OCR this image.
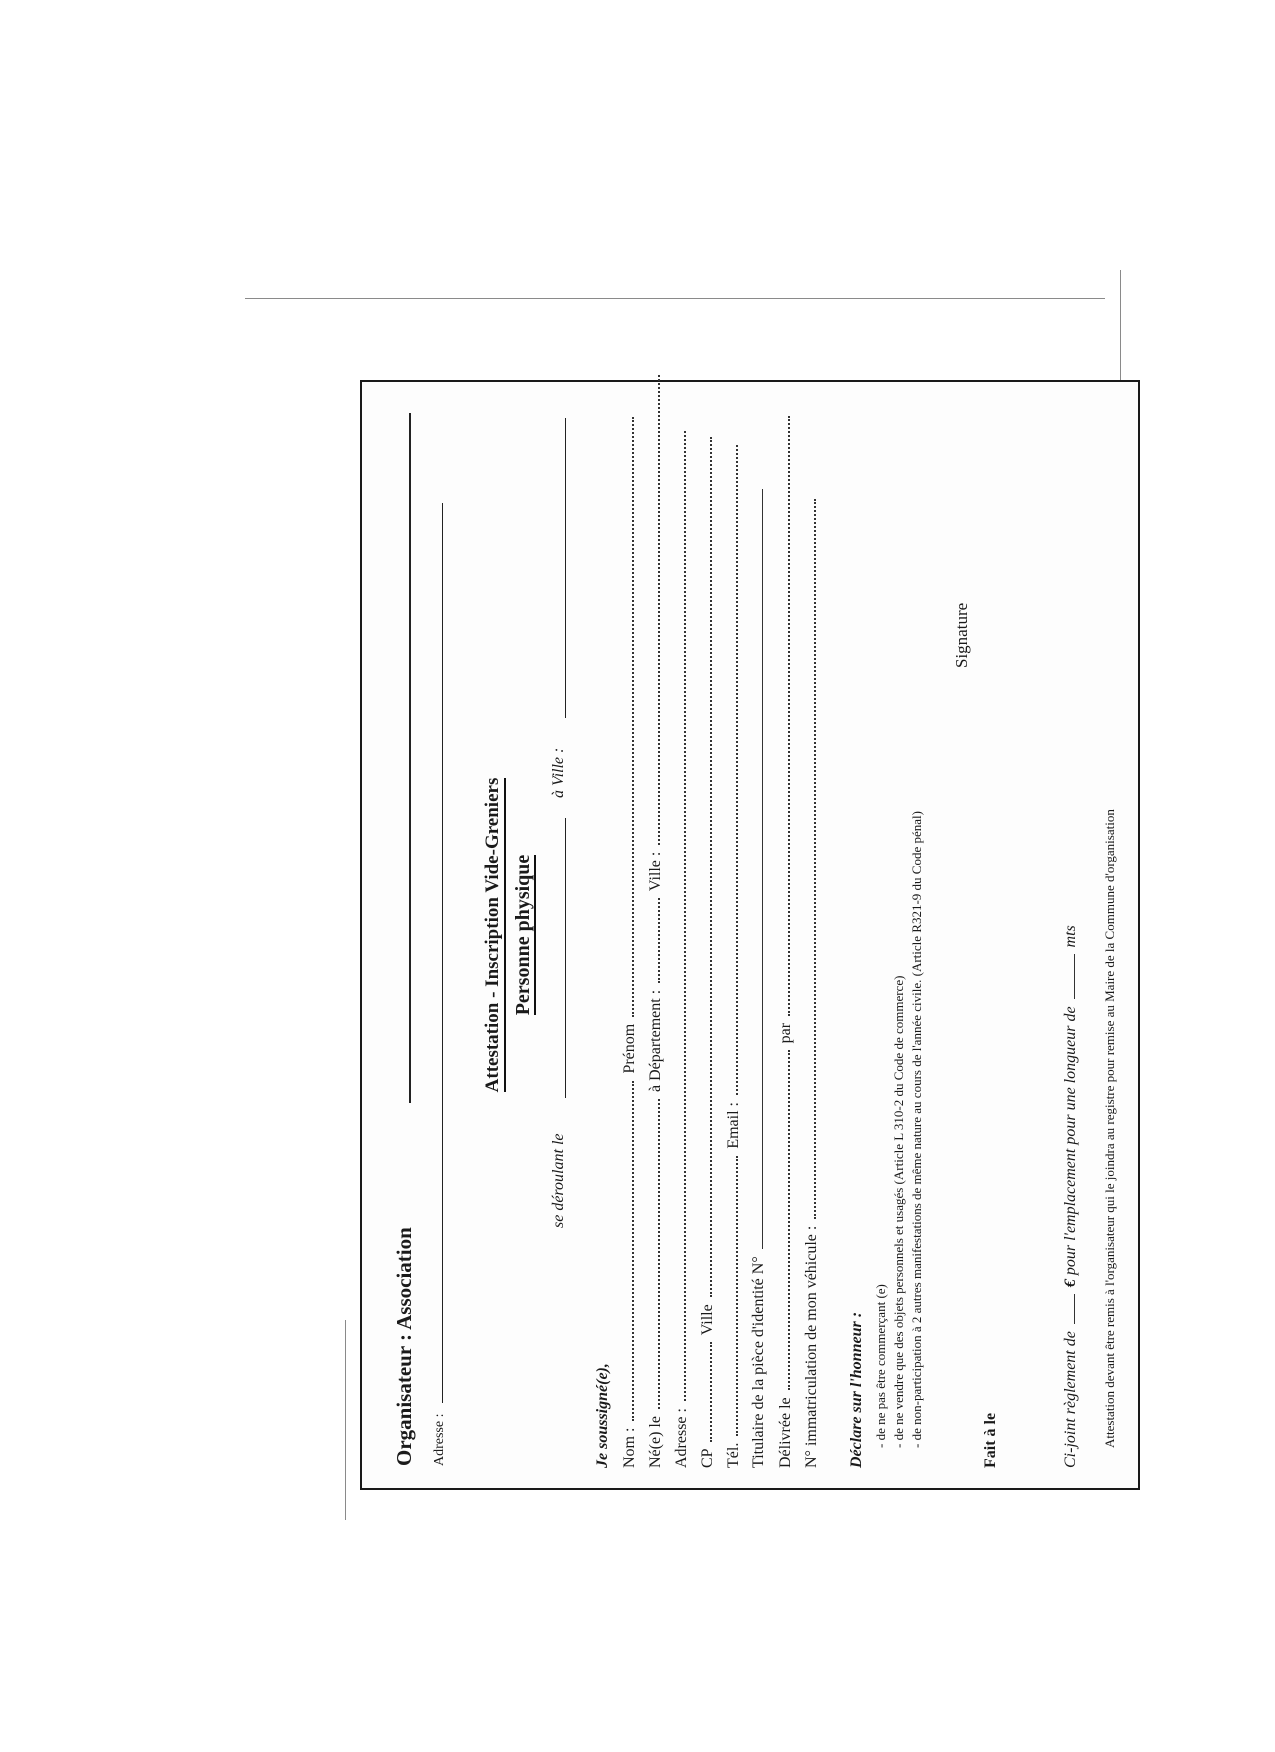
Organisateur : Association Adresse :
Attestation - Inscription Vide-Greniers Personne physique
se déroulant le
à Ville :
Je soussigné(e), Nom :  Prénom
Né(e) le  à Département :  Ville :
Adresse : CP  Ville
Tél.  Email :
Titulaire de la pièce d'identité N° Délivrée le  par
N° immatriculation de mon véhicule : Déclare sur l'honneur : - de ne pas être commerçant (e) - de ne vendre que des objets personnels et usagés (Article L 310-2 du Code de commerce) - de non-participation à 2 autres manifestations de même nature au cours de l'année civile. (Article R321-9 du Code pénal)
Fait à le
Signature
Ci-joint règlement de  € pour l'emplacement pour une longueur de  mts Attestation devant être remis à l'organisateur qui le joindra au registre pour remise au Maire de la Commune d'organisation
